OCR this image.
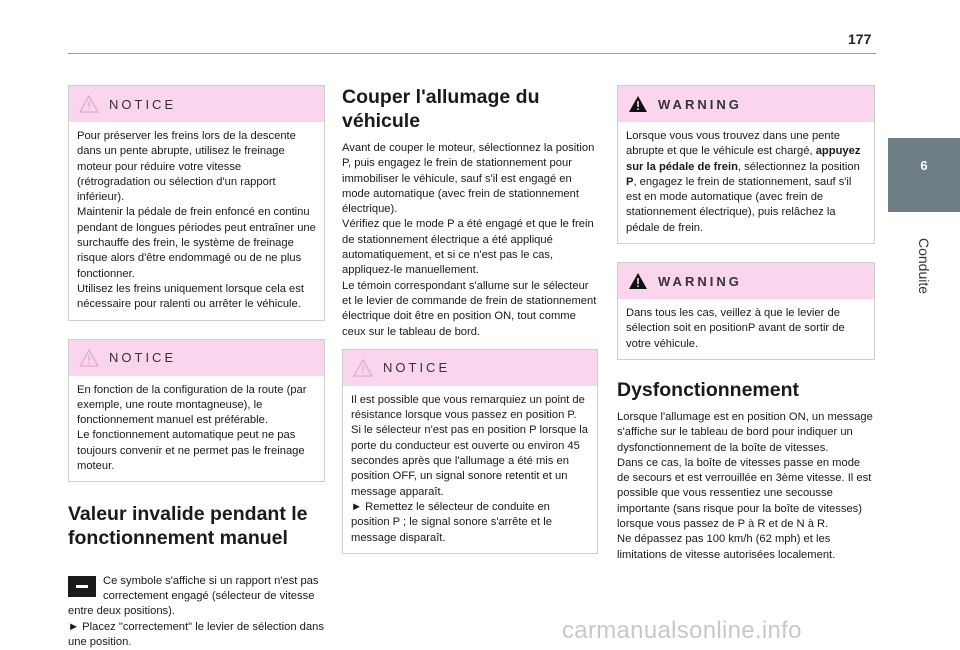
177
6
Conduite
NOTICE
Pour préserver les freins lors de la descente dans un pente abrupte, utilisez le freinage moteur pour réduire votre vitesse (rétrogradation ou sélection d'un rapport inférieur).
Maintenir la pédale de frein enfoncé en continu pendant de longues périodes peut entraîner une surchauffe des frein, le système de freinage risque alors d'être endommagé ou de ne plus fonctionner.
Utilisez les freins uniquement lorsque cela est nécessaire pour ralenti ou arrêter le véhicule.
NOTICE
En fonction de la configuration de la route (par exemple, une route montagneuse), le fonctionnement manuel est préférable.
Le fonctionnement automatique peut ne pas toujours convenir et ne permet pas le freinage moteur.
Valeur invalide pendant le fonctionnement manuel

Ce symbole s'affiche si un rapport n'est pas correctement engagé (sélecteur de vitesse entre deux positions).
► Placez "correctement" le levier de sélection dans une position.

Couper l'allumage du véhicule
Avant de couper le moteur, sélectionnez la position P, puis engagez le frein de stationnement pour immobiliser le véhicule, sauf s'il est engagé en mode automatique (avec frein de stationnement électrique).
Vérifiez que le mode P a été engagé et que le frein de stationnement électrique a été appliqué automatiquement, et si ce n'est pas le cas, appliquez-le manuellement.
Le témoin correspondant s'allume sur le sélecteur et le levier de commande de frein de stationnement électrique doit être en position ON, tout comme ceux sur le tableau de bord.
NOTICE
Il est possible que vous remarquiez un point de résistance lorsque vous passez en position P.
Si le sélecteur n'est pas en position P lorsque la porte du conducteur est ouverte ou environ 45 secondes après que l'allumage a été mis en position OFF, un signal sonore retentit et un message apparaît.
► Remettez le sélecteur de conduite en position P ; le signal sonore s'arrête et le message disparaît.
WARNING
Lorsque vous vous trouvez dans une pente abrupte et que le véhicule est chargé, appuyez sur la pédale de frein, sélectionnez la position P, engagez le frein de stationnement, sauf s'il est en mode automatique (avec frein de stationnement électrique), puis relâchez la pédale de frein.
WARNING
Dans tous les cas, veillez à que le levier de sélection soit en positionP avant de sortir de votre véhicule.
Dysfonctionnement
Lorsque l'allumage est en position ON, un message s'affiche sur le tableau de bord pour indiquer un dysfonctionnement de la boîte de vitesses.
Dans ce cas, la boîte de vitesses passe en mode de secours et est verrouillée en 3ème vitesse. Il est possible que vous ressentiez une secousse importante (sans risque pour la boîte de vitesses) lorsque vous passez de P à R et de N à R.
Ne dépassez pas 100 km/h (62 mph) et les limitations de vitesse autorisées localement.
carmanualsonline.info
